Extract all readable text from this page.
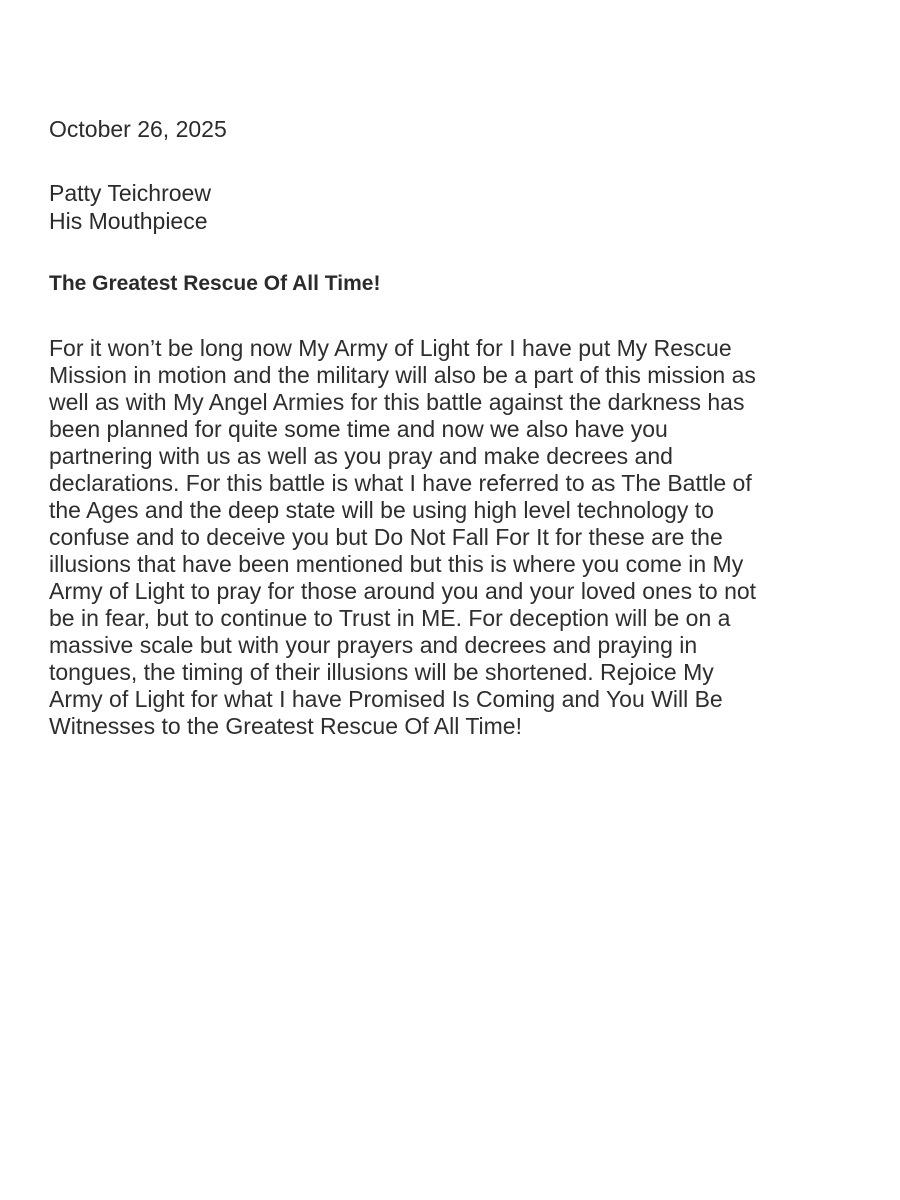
October 26, 2025
Patty Teichroew
His Mouthpiece
The Greatest Rescue Of All Time!
For it won’t be long now My Army of Light for I have put My Rescue
Mission in motion and the military will also be a part of this mission as
well as with My Angel Armies for this battle against the darkness has
been planned for quite some time and now we also have you
partnering with us as well as you pray and make decrees and
declarations. For this battle is what I have referred to as The Battle of
the Ages and the deep state will be using high level technology to
confuse and to deceive you but Do Not Fall For It for these are the
illusions that have been mentioned but this is where you come in My
Army of Light to pray for those around you and your loved ones to not
be in fear, but to continue to Trust in ME. For deception will be on a
massive scale but with your prayers and decrees and praying in
tongues, the timing of their illusions will be shortened. Rejoice My
Army of Light for what I have Promised Is Coming and You Will Be
Witnesses to the Greatest Rescue Of All Time!
